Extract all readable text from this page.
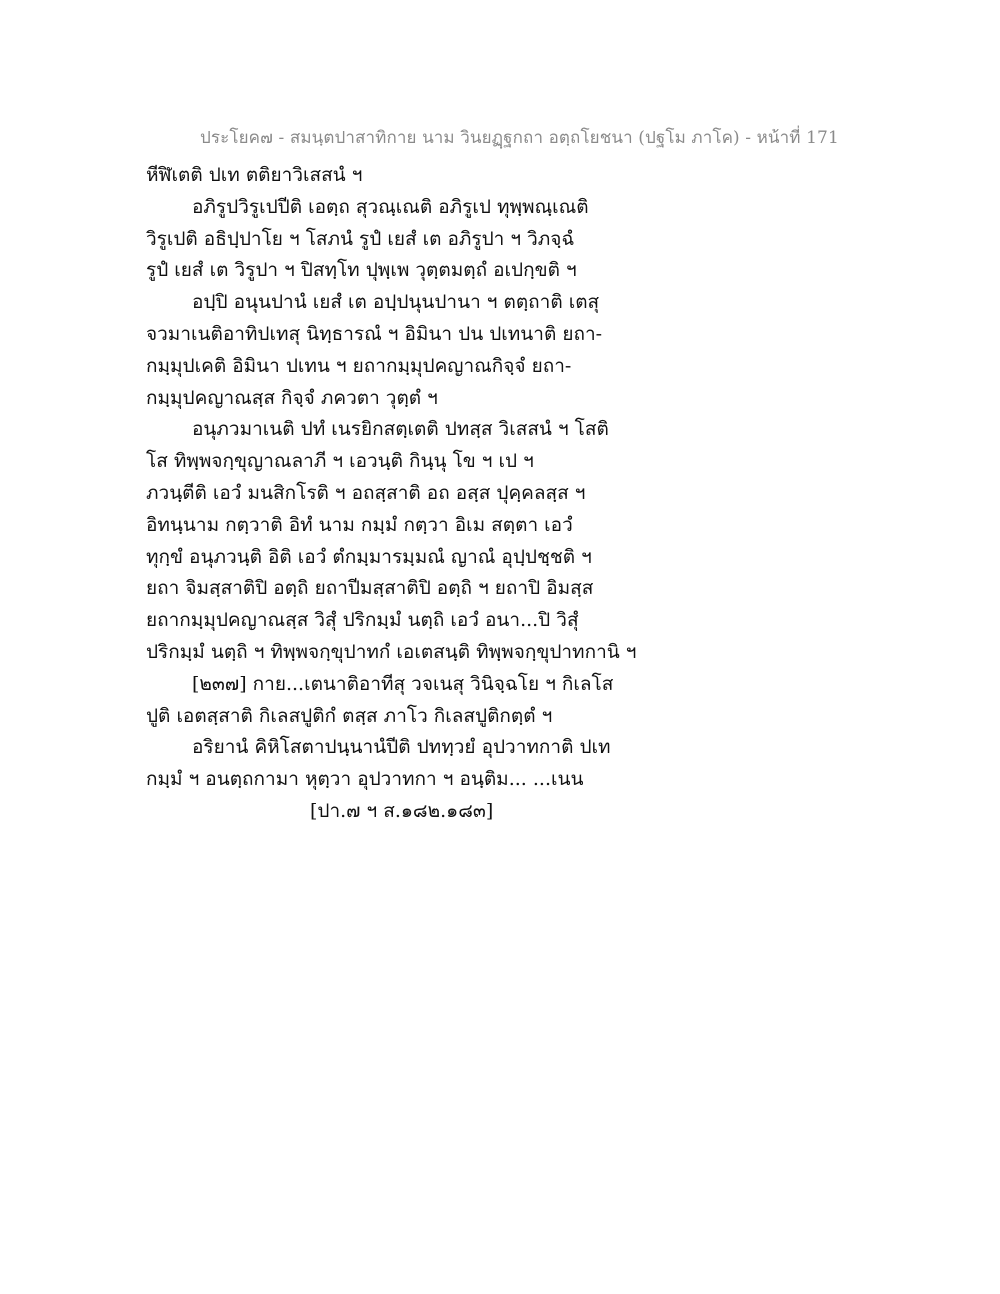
ประโยค๗ - สมนฺตปาสาทิกาย นาม วินยฏฺฐกถา อตฺถโยชนา (ปฐโม ภาโค) - หน้าที่ 171
หีฬิเตติ ปเท ตติยาวิเสสนํ ฯ
อภิรูปวิรูเปปีติ เอตฺถ สุวณฺเณติ อภิรูเป ทุพฺพณฺเณติ
วิรูเปติ อธิปฺปาโย ฯ โสภนํ รูปํ เยสํ เต อภิรูปา ฯ วิภจฺฉํ
รูปํ เยสํ เต วิรูปา ฯ ปิสทฺโท ปุพฺเพ วุตฺตมตฺถํ อเปกฺขติ ฯ
อปฺปิ อนุนปานํ เยสํ เต อปฺปนุนปานา ฯ ตตฺถาติ เตสุ
จวมาเนติอาทิปเทสุ นิทฺธารณํ ฯ อิมินา ปน ปเทนาติ ยถา-
กมฺมุปเคติ อิมินา ปเทน ฯ ยถากมฺมุปคญาณกิจฺจํ ยถา-
กมฺมุปคญาณสฺส กิจฺจํ ภควตา วุตฺตํ ฯ
อนุภวมาเนติ ปทํ เนรยิกสตฺเตติ ปทสฺส วิเสสนํ ฯ โสติ
โส ทิพฺพจกฺขุญาณลาภี ฯ เอวนฺติ กินฺนุ โข ฯ เป ฯ
ภวนฺตีติ เอวํ มนสิกโรติ ฯ อถสฺสาติ อถ อสฺส ปุคฺคลสฺส ฯ
อิทนฺนาม กตฺวาติ อิทํ นาม กมฺมํ กตฺวา อิเม สตฺตา เอวํ
ทุกฺขํ อนุภวนฺติ อิติ เอวํ ตํกมฺมารมฺมณํ ญาณํ อุปฺปชฺชติ ฯ
ยถา จิมสฺสาติปิ อตฺถิ ยถาปีมสฺสาติปิ อตฺถิ ฯ ยถาปิ อิมสฺส
ยถากมฺมุปคญาณสฺส วิสุํ ปริกมฺมํ นตฺถิ เอวํ อนา...ปิ วิสุํ
ปริกมฺมํ นตฺถิ ฯ ทิพฺพจกฺขุปาทกํ เอเตสนฺติ ทิพฺพจกฺขุปาทกานิ ฯ
[๒๓๗] กาย...เตนาติอาทีสุ วจเนสุ วินิจฺฉโย ฯ กิเลโส
ปูติ เอตสฺสาติ กิเลสปูติกํ ตสฺส ภาโว กิเลสปูติกตฺตํ ฯ
อริยานํ คิหิโสตาปนฺนานํปีติ ปททฺวยํ อุปวาทกาติ ปเท
กมฺมํ ฯ อนตฺถกามา หุตฺวา อุปวาทกา ฯ อนฺติม... ...เนน
[ปา.๗ ฯ ส.๑๘๒.๑๘๓]
